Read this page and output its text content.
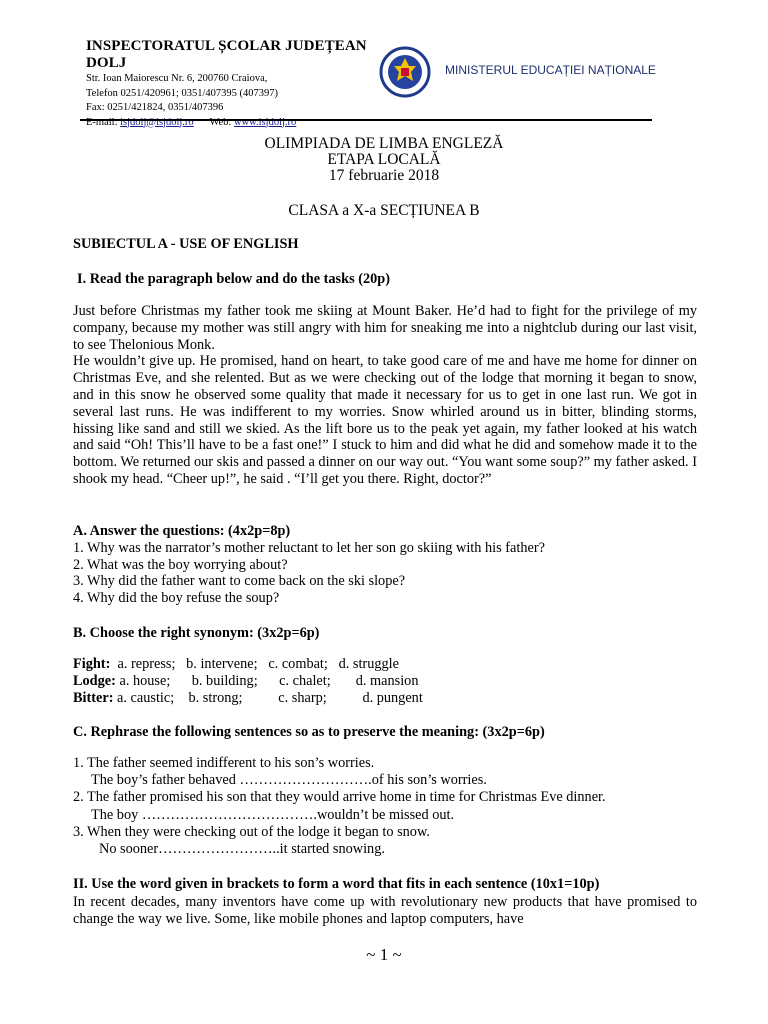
INSPECTORATUL ȘCOLAR JUDEȚEAN DOLJ
Str. Ioan Maiorescu Nr. 6, 200760 Craiova,
Telefon 0251/420961; 0351/407395 (407397)
Fax: 0251/421824, 0351/407396
E-mail: isjdolj@isjdolj.ro Web: www.isjdolj.ro
MINISTERUL EDUCAȚIEI NAȚIONALE
OLIMPIADA DE LIMBA ENGLEZĂ
ETAPA LOCALĂ
17 februarie 2018
CLASA a X-a SECȚIUNEA B
SUBIECTUL A - USE OF ENGLISH
I. Read the paragraph below and do the tasks (20p)

Just before Christmas my father took me skiing at Mount Baker. He’d had to fight for the privilege of my company, because my mother was still angry with him for sneaking me into a nightclub during our last visit, to see Thelonious Monk.

He wouldn’t give up. He promised, hand on heart, to take good care of me and have me home for dinner on Christmas Eve, and she relented. But as we were checking out of the lodge that morning it began to snow, and in this snow he observed some quality that made it necessary for us to get in one last run. We got in several last runs. He was indifferent to my worries. Snow whirled around us in bitter, blinding storms, hissing like sand and still we skied. As the lift bore us to the peak yet again, my father looked at his watch and said “Oh! This’ll have to be a fast one!” I stuck to him and did what he did and somehow made it to the bottom. We returned our skis and passed a dinner on our way out. “You want some soup?” my father asked. I shook my head. “Cheer up!”, he said . “I’ll get you there. Right, doctor?”

A. Answer the questions: (4x2p=8p)
1. Why was the narrator’s mother reluctant to let her son go skiing with his father?
2. What was the boy worrying about?
3. Why did the father want to come back on the ski slope?
4. Why did the boy refuse the soup?
B. Choose the right synonym: (3x2p=6p)
Fight:  a. repress;   b. intervene;   c. combat;   d. struggle
Lodge: a. house;      b. building;      c. chalet;       d. mansion
Bitter: a. caustic;    b. strong;          c. sharp;          d. pungent
C. Rephrase the following sentences so as to preserve the meaning: (3x2p=6p)
1. The father seemed indifferent to his son’s worries.
The boy’s father behaved ……………………….of his son’s worries.
2. The father promised his son that they would arrive home in time for Christmas Eve dinner.
The boy ……………………………….wouldn’t be missed out.
3. When they were checking out of the lodge it began to snow.
No sooner……………………..it started snowing.
II. Use the word given in brackets to form a word that fits in each sentence (10x1=10p)
In recent decades, many inventors have come up with revolutionary new products that have promised to change the way we live. Some, like mobile phones and laptop computers, have
~ 1 ~
